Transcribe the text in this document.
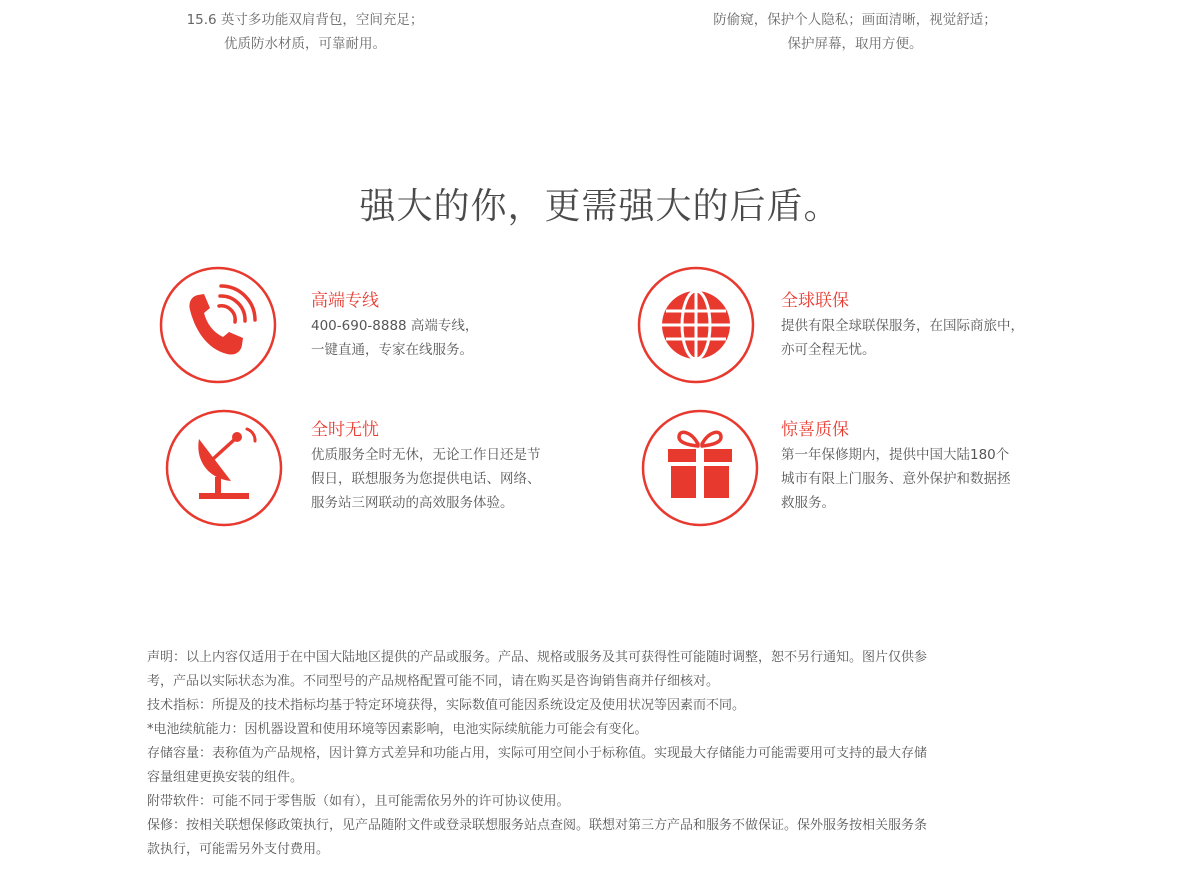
15.6 英寸多功能双肩背包，空间充足；
优质防水材质，可靠耐用。
防偷窥，保护个人隐私；画面清晰，视觉舒适；
保护屏幕，取用方便。
强大的你，更需强大的后盾。
高端专线
400-690-8888 高端专线，
一键直通，专家在线服务。
全球联保
提供有限全球联保服务，在国际商旅中，
亦可全程无忧。
全时无忧
优质服务全时无休，无论工作日还是节
假日，联想服务为您提供电话、网络、
服务站三网联动的高效服务体验。
惊喜质保
第一年保修期内，提供中国大陆180个
城市有限上门服务、意外保护和数据拯
救服务。

声明：以上内容仅适用于在中国大陆地区提供的产品或服务。产品、规格或服务及其可获得性可能随时调整，恕不另行通知。图片仅供参

考，产品以实际状态为准。不同型号的产品规格配置可能不同，请在购买是咨询销售商并仔细核对。

技术指标：所提及的技术指标均基于特定环境获得，实际数值可能因系统设定及使用状况等因素而不同。

*电池续航能力：因机器设置和使用环境等因素影响，电池实际续航能力可能会有变化。

存储容量：表称值为产品规格，因计算方式差异和功能占用，实际可用空间小于标称值。实现最大存储能力可能需要用可支持的最大存储

容量组建更换安装的组件。

附带软件：可能不同于零售版（如有），且可能需依另外的许可协议使用。

保修：按相关联想保修政策执行，见产品随附文件或登录联想服务站点查阅。联想对第三方产品和服务不做保证。保外服务按相关服务条

款执行，可能需另外支付费用。
